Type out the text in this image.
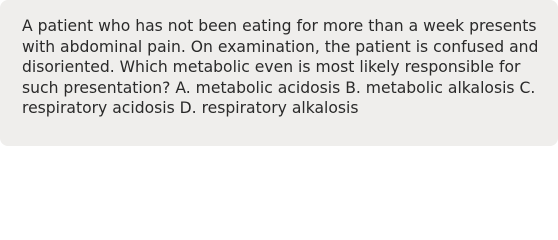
A patient who has not been eating for more than a week presents with abdominal pain. On examination, the patient is confused and disoriented. Which metabolic even is most likely responsible for such presentation? A. metabolic acidosis B. metabolic alkalosis C. respiratory acidosis D. respiratory alkalosis
